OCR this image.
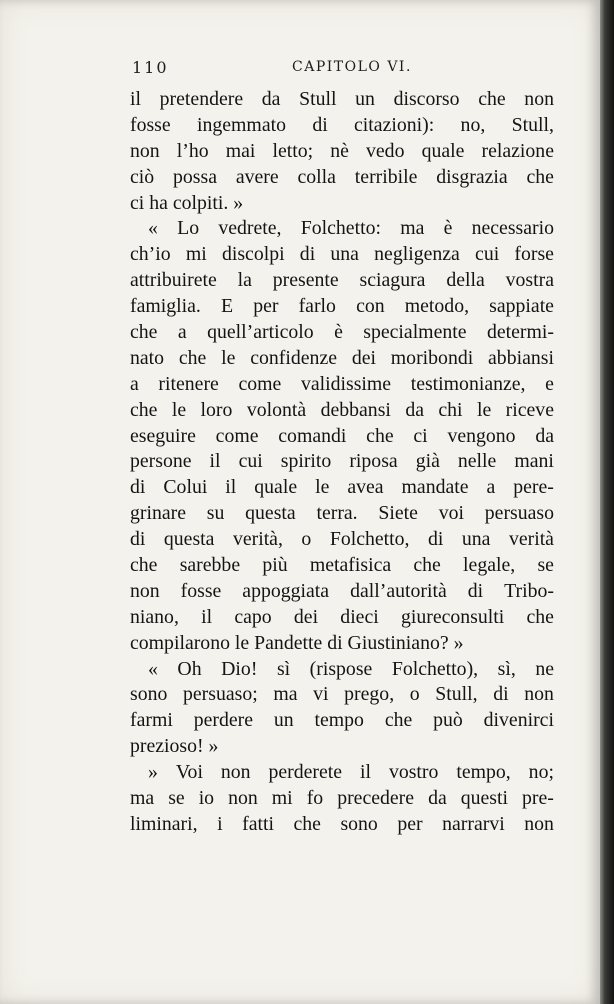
110	CAPITOLO VI.
il pretendere da Stull un discorso che non
fosse ingemmato di citazioni): no, Stull,
non l’ho mai letto; nè vedo quale relazione
ciò possa avere colla terribile disgrazia che
ci ha colpiti. »
« Lo vedrete, Folchetto: ma è necessario
ch’io mi discolpi di una negligenza cui forse
attribuirete la presente sciagura della vostra
famiglia. E per farlo con metodo, sappiate
che a quell’articolo è specialmente determi-
nato che le confidenze dei moribondi abbiansi
a ritenere come validissime testimonianze, e
che le loro volontà debbansi da chi le riceve
eseguire come comandi che ci vengono da
persone il cui spirito riposa già nelle mani
di Colui il quale le avea mandate a pere-
grinare su questa terra. Siete voi persuaso
di questa verità, o Folchetto, di una verità
che sarebbe più metafisica che legale, se
non fosse appoggiata dall’autorità di Tribo-
niano, il capo dei dieci giureconsulti che
compilarono le Pandette di Giustiniano? »
« Oh Dio! sì (rispose Folchetto), sì, ne
sono persuaso; ma vi prego, o Stull, di non
farmi perdere un tempo che può divenirci
prezioso! »
» Voi non perderete il vostro tempo, no;
ma se io non mi fo precedere da questi pre-
liminari, i fatti che sono per narrarvi non
